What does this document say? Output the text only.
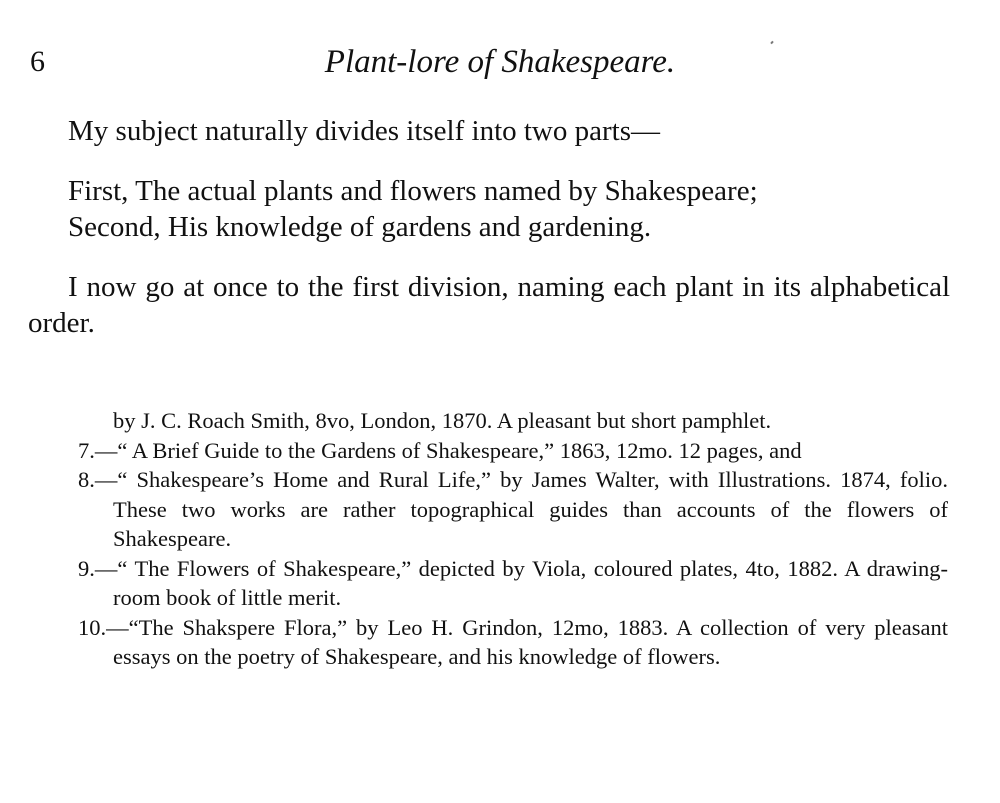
6	Plant-lore of Shakespeare.

My subject naturally divides itself into two parts—

First, The actual plants and flowers named by Shakespeare;

Second, His knowledge of gardens and gardening.

I now go at once to the first division, naming each plant in its alphabetical order.

by J. C. Roach Smith, 8vo, London, 1870. A pleasant but short pamphlet.

7.—“ A Brief Guide to the Gardens of Shakespeare,” 1863, 12mo. 12 pages, and

8.—“ Shakespeare’s Home and Rural Life,” by James Walter, with Illustrations. 1874, folio. These two works are rather topographical guides than accounts of the flowers of Shakespeare.

9.—“ The Flowers of Shakespeare,” depicted by Viola, coloured plates, 4to, 1882. A drawing-room book of little merit.

10.—“The Shakspere Flora,” by Leo H. Grindon, 12mo, 1883. A collection of very pleasant essays on the poetry of Shakespeare, and his knowledge of flowers.
